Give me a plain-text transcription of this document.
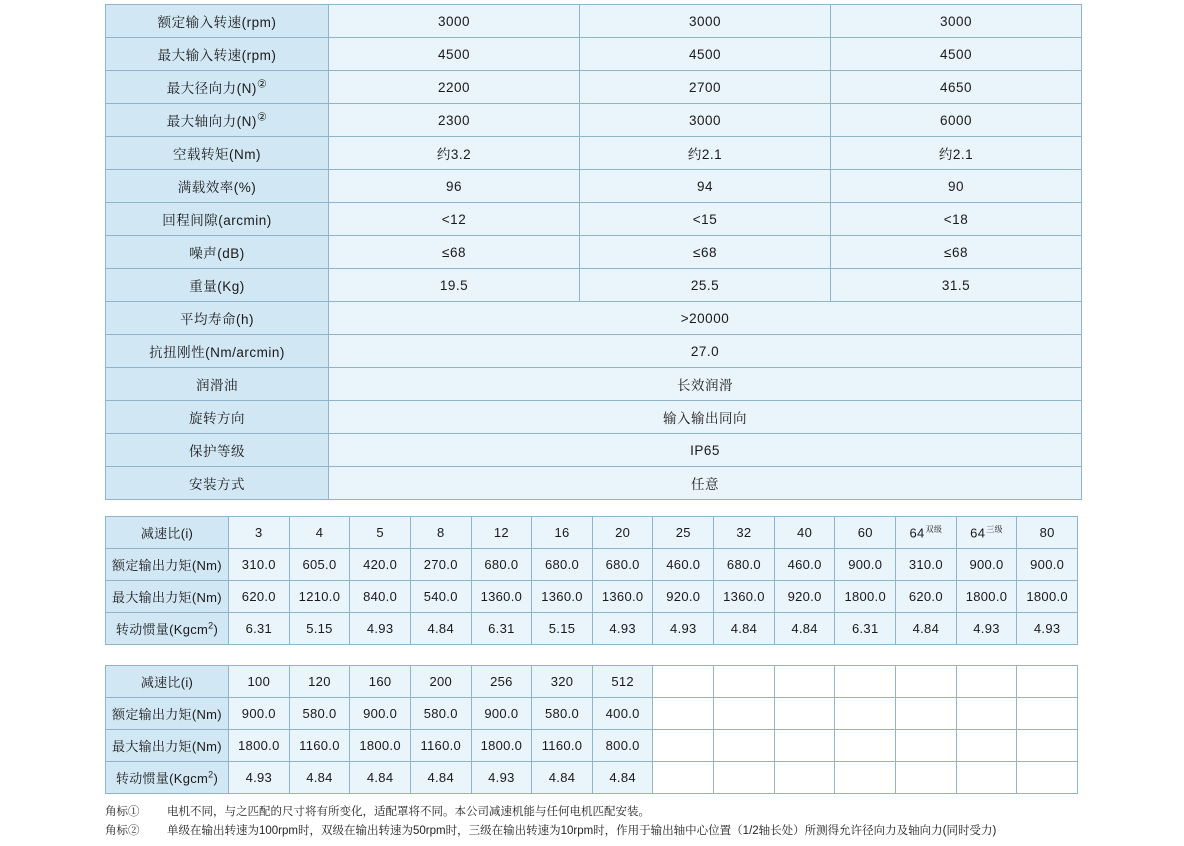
额定输入转速(rpm)	3000	3000	3000
最大输入转速(rpm)	4500	4500	4500
最大径向力(N)②	2200	2700	4650
最大轴向力(N)②	2300	3000	6000
空载转矩(Nm)	约3.2	约2.1	约2.1
满载效率(%)	96	94	90
回程间隙(arcmin)	<12	<15	<18
噪声(dB)	≤68	≤68	≤68
重量(Kg)	19.5	25.5	31.5
平均寿命(h)	>20000		
抗扭刚性(Nm/arcmin)	27.0		
润滑油	长效润滑		
旋转方向	输入输出同向		
保护等级	IP65		
安装方式	任意		
减速比(i)	3	4	5	8	12	16	20	25	32	40	60	$64^{双级}$	$64^{三级}$	80
额定输出力矩(Nm)	310.0	605.0	420.0	270.0	680.0	680.0	680.0	460.0	680.0	460.0	900.0	310.0	900.0	900.0
最大输出力矩(Nm)	620.0	1210.0	840.0	540.0	1360.0	1360.0	1360.0	920.0	1360.0	920.0	1800.0	620.0	1800.0	1800.0
转动惯量(Kgcm$^2$)	6.31	5.15	4.93	4.84	6.31	5.15	4.93	4.93	4.84	4.84	6.31	4.84	4.93	4.93
减速比(i)	100	120	160	200	256	320	512							
额定输出力矩(Nm)	900.0	580.0	900.0	580.0	900.0	580.0	400.0							
最大输出力矩(Nm)	1800.0	1160.0	1800.0	1160.0	1800.0	1160.0	800.0							
转动惯量(Kgcm$^2$)	4.93	4.84	4.84	4.84	4.93	4.84	4.84							
角标① 电机不同，与之匹配的尺寸将有所变化，适配罩将不同。本公司减速机能与任何电机匹配安装。
角标② 单级在输出转速为100rpm时，双级在输出转速为50rpm时，三级在输出转速为10rpm时，作用于输出轴中心位置（1/2轴长处）所测得允许径向力及轴向力(同时受力)
